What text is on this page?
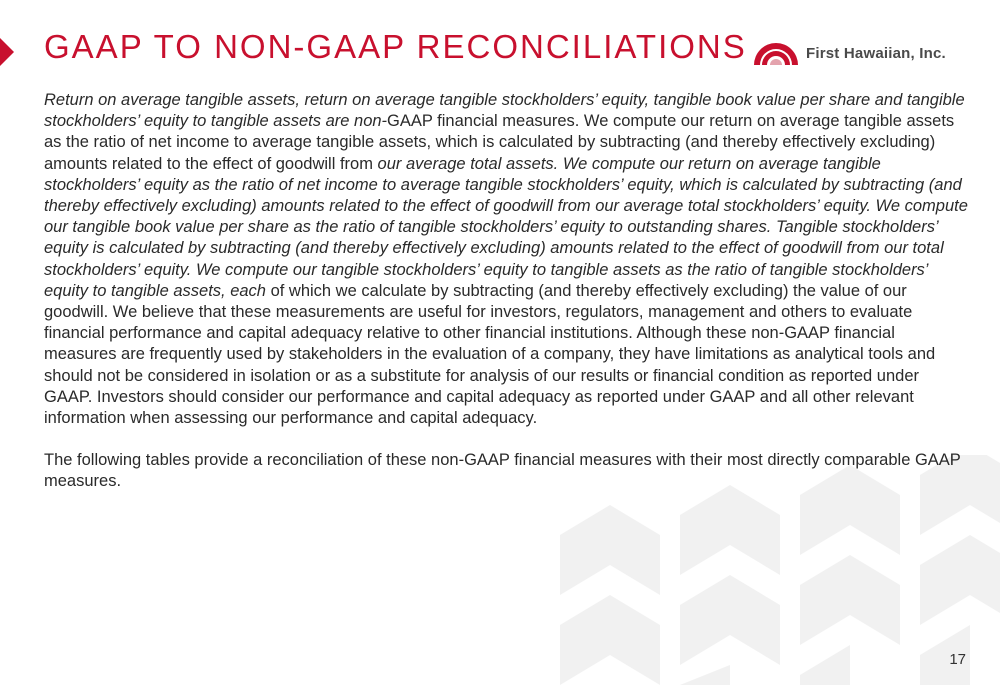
GAAP TO NON-GAAP RECONCILIATIONS	First Hawaiian, Inc.

Return on average tangible assets, return on average tangible stockholders’ equity, tangible book value per share and tangible stockholders’ equity to tangible assets are non-GAAP financial measures. We compute our return on average tangible assets as the ratio of net income to average tangible assets, which is calculated by subtracting (and thereby effectively excluding) amounts related to the effect of goodwill from our average total assets. We compute our return on average tangible stockholders’ equity as the ratio of net income to average tangible stockholders’ equity, which is calculated by subtracting (and thereby effectively excluding) amounts related to the effect of goodwill from our average total stockholders’ equity. We compute our tangible book value per share as the ratio of tangible stockholders’ equity to outstanding shares. Tangible stockholders’ equity is calculated by subtracting (and thereby effectively excluding) amounts related to the effect of goodwill from our total stockholders’ equity. We compute our tangible stockholders’ equity to tangible assets as the ratio of tangible stockholders’ equity to tangible assets, each of which we calculate by subtracting (and thereby effectively excluding) the value of our goodwill. We believe that these measurements are useful for investors, regulators, management and others to evaluate financial performance and capital adequacy relative to other financial institutions. Although these non-GAAP financial measures are frequently used by stakeholders in the evaluation of a company, they have limitations as analytical tools and should not be considered in isolation or as a substitute for analysis of our results or financial condition as reported under GAAP. Investors should consider our performance and capital adequacy as reported under GAAP and all other relevant information when assessing our performance and capital adequacy.

The following tables provide a reconciliation of these non-GAAP financial measures with their most directly comparable GAAP measures.

17
